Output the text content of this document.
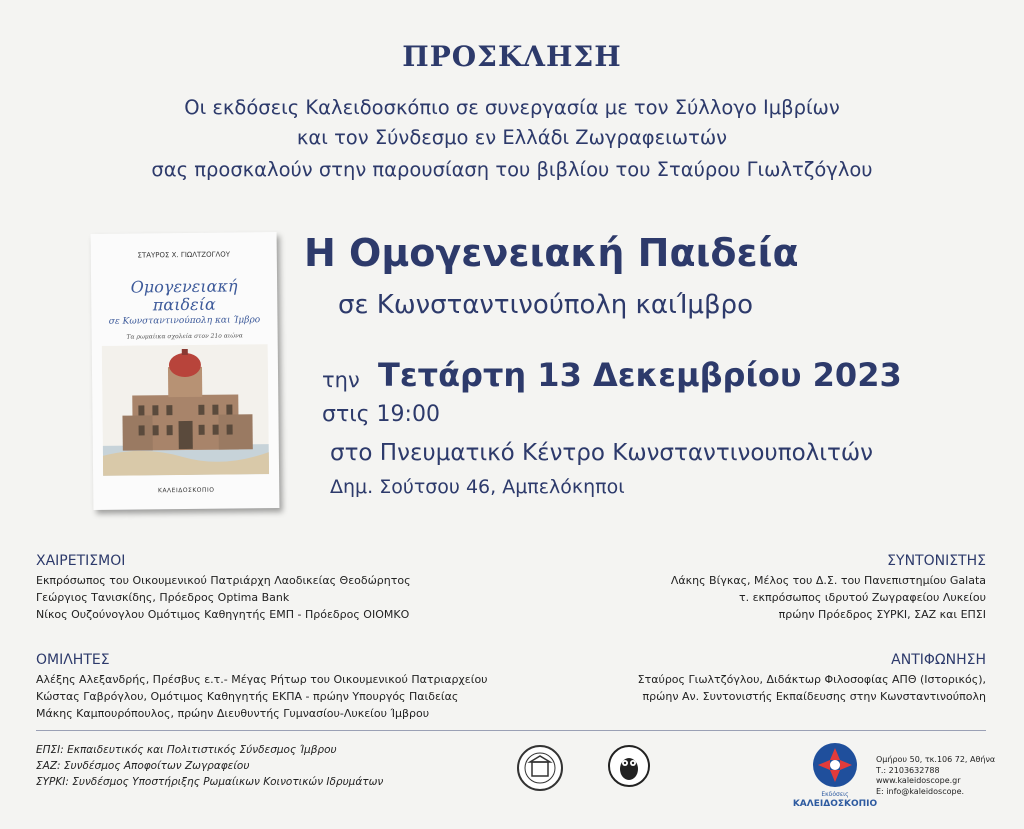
ΠΡΟΣΚΛΗΣΗ
Οι εκδόσεις Καλειδοσκόπιο σε συνεργασία με τον Σύλλογο Ιμβρίων
και τον Σύνδεσμο εν Ελλάδι Ζωγραφειωτών
σας προσκαλούν στην παρουσίαση του βιβλίου του Σταύρου Γιωλτζόγλου
ΣΤΑΥΡΟΣ Χ. ΓΙΩΛΤΖΟΓΛΟΥ
Ομογενειακή
παιδεία
σε Κωνσταντινούπολη και Ίμβρο
Τα ρωμαίικα σχολεία στον 21ο αιώνα
ΚΑΛΕΙΔΟΣΚΟΠΙΟ
Η Ομογενειακή Παιδεία
σε Κωνσταντινούπολη καιΊμβρο
την Τετάρτη 13 Δεκεμβρίου 2023
στις 19:00
στο Πνευματικό Κέντρο Κωνσταντινουπολιτών
Δημ. Σούτσου 46, Αμπελόκηποι
ΧΑΙΡΕΤΙΣΜΟΙ
Εκπρόσωπος του Οικουμενικού Πατριάρχη Λαοδικείας Θεοδώρητος
Γεώργιος Τανισκίδης, Πρόεδρος Optima Bank
Νίκος Ουζούνογλου Ομότιμος Καθηγητής ΕΜΠ - Πρόεδρος ΟΙΟΜΚΟ
ΟΜΙΛΗΤΕΣ
Αλέξης Αλεξανδρής, Πρέσβυς ε.τ.- Μέγας Ρήτωρ του Οικουμενικού Πατριαρχείου
Κώστας Γαβρόγλου, Ομότιμος Καθηγητής ΕΚΠΑ - πρώην Υπουργός Παιδείας
Μάκης Καμπουρόπουλος, πρώην Διευθυντής Γυμνασίου-Λυκείου Ίμβρου
ΣΥΝΤΟΝΙΣΤΗΣ
Λάκης Βίγκας, Μέλος του Δ.Σ. του Πανεπιστημίου Galata
τ. εκπρόσωπος ιδρυτού Ζωγραφείου Λυκείου
πρώην Πρόεδρος ΣΥΡΚΙ, ΣΑΖ και ΕΠΣΙ
ΑΝΤΙΦΩΝΗΣΗ
Σταύρος Γιωλτζόγλου, Διδάκτωρ Φιλοσοφίας ΑΠΘ (Ιστορικός),
πρώην Αν. Συντονιστής Εκπαίδευσης στην Κωνσταντινούπολη
ΕΠΣΙ: Εκπαιδευτικός και Πολιτιστικός Σύνδεσμος Ίμβρου
ΣΑΖ: Συνδέσμος Αποφοίτων Ζωγραφείου
ΣΥΡΚΙ: Συνδέσμος Υποστήριξης Ρωμαίικων Κοινοτικών Ιδρυμάτων
Εκδόσεις
ΚΑΛΕΙΔΟΣΚΟΠΙΟ
Ομήρου 50, τκ.106 72, Αθήνα
Τ.: 2103632788
www.kaleidoscope.gr
E: info@kaleidoscope.
